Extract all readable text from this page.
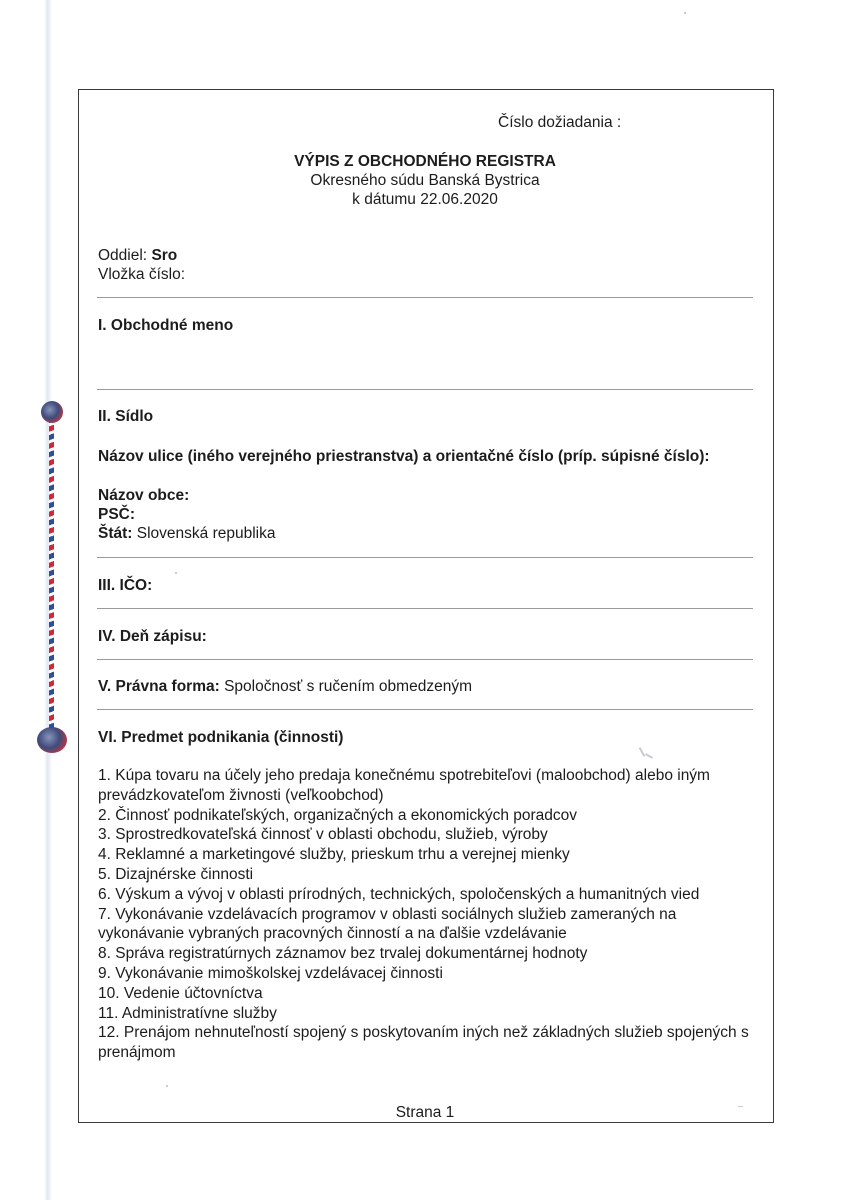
Číslo dožiadania :
VÝPIS Z OBCHODNÉHO REGISTRA
Okresného súdu Banská Bystrica
k dátumu 22.06.2020
Oddiel: Sro
Vložka číslo:
I. Obchodné meno
II. Sídlo
Názov ulice (iného verejného priestranstva) a orientačné číslo (príp. súpisné číslo):
Názov obce:
PSČ:
Štát: Slovenská republika
III. IČO:
IV. Deň zápisu:
V. Právna forma: Spoločnosť s ručením obmedzeným
VI. Predmet podnikania (činnosti)
1. Kúpa tovaru na účely jeho predaja konečnému spotrebiteľovi (maloobchod) alebo iným prevádzkovateľom živnosti (veľkoobchod)
2. Činnosť podnikateľských, organizačných a ekonomických poradcov
3. Sprostredkovateľská činnosť v oblasti obchodu, služieb, výroby
4. Reklamné a marketingové služby, prieskum trhu a verejnej mienky
5. Dizajnérske činnosti
6. Výskum a vývoj v oblasti prírodných, technických, spoločenských a humanitných vied
7. Vykonávanie vzdelávacích programov v oblasti sociálnych služieb zameraných na vykonávanie vybraných pracovných činností a na ďalšie vzdelávanie
8. Správa registratúrnych záznamov bez trvalej dokumentárnej hodnoty
9. Vykonávanie mimoškolskej vzdelávacej činnosti
10. Vedenie účtovníctva
11. Administratívne služby
12. Prenájom nehnuteľností spojený s poskytovaním iných než základných služieb spojených s prenájmom
Strana 1
